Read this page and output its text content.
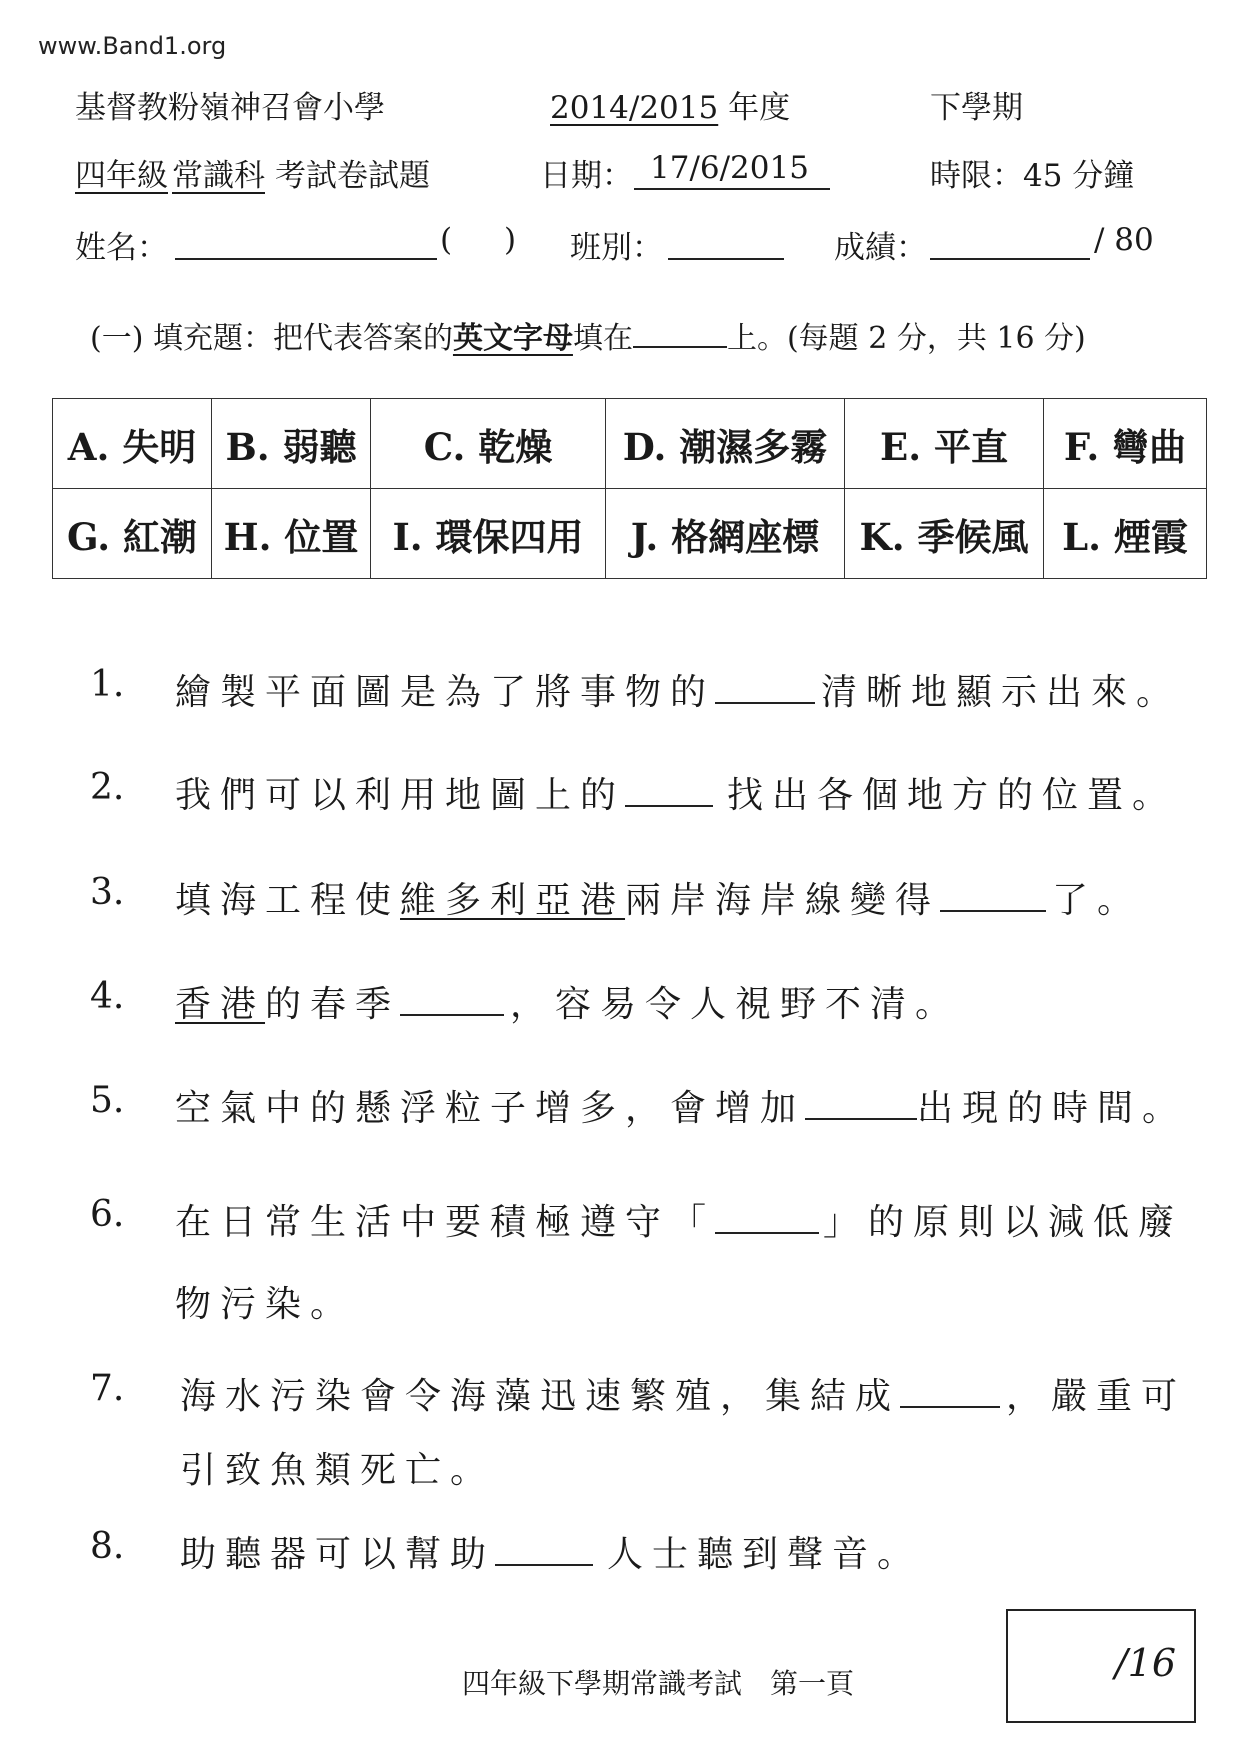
www.Band1.org
基督教粉嶺神召會小學	2014/2015 年度	下學期
四年級 常識科 考試卷試題	日期： 17/6/2015	時限：45 分鐘
姓名：	( ) 班別：	成績：	/ 80
(一) 填充題：把代表答案的英文字母填在	上。(每題 2 分，共 16 分)
A. 失明	B. 弱聽	C. 乾燥	D. 潮濕多霧	E. 平直	F. 彎曲
G. 紅潮	H. 位置	I. 環保四用	J. 格網座標	K. 季候風	L. 煙霞
1. 繪製平面圖是為了將事物的	清晰地顯示出來。
2. 我們可以利用地圖上的	找出各個地方的位置。
3. 填海工程使維多利亞港兩岸海岸線變得	了。
4. 香港的春季	，容易令人視野不清。
5. 空氣中的懸浮粒子增多，會增加	出現的時間。
6. 在日常生活中要積極遵守「	」的原則以減低廢
物污染。
7. 海水污染會令海藻迅速繁殖，集結成	，嚴重可
引致魚類死亡。
8. 助聽器可以幫助	人士聽到聲音。
四年級下學期常識考試　第一頁	/16
